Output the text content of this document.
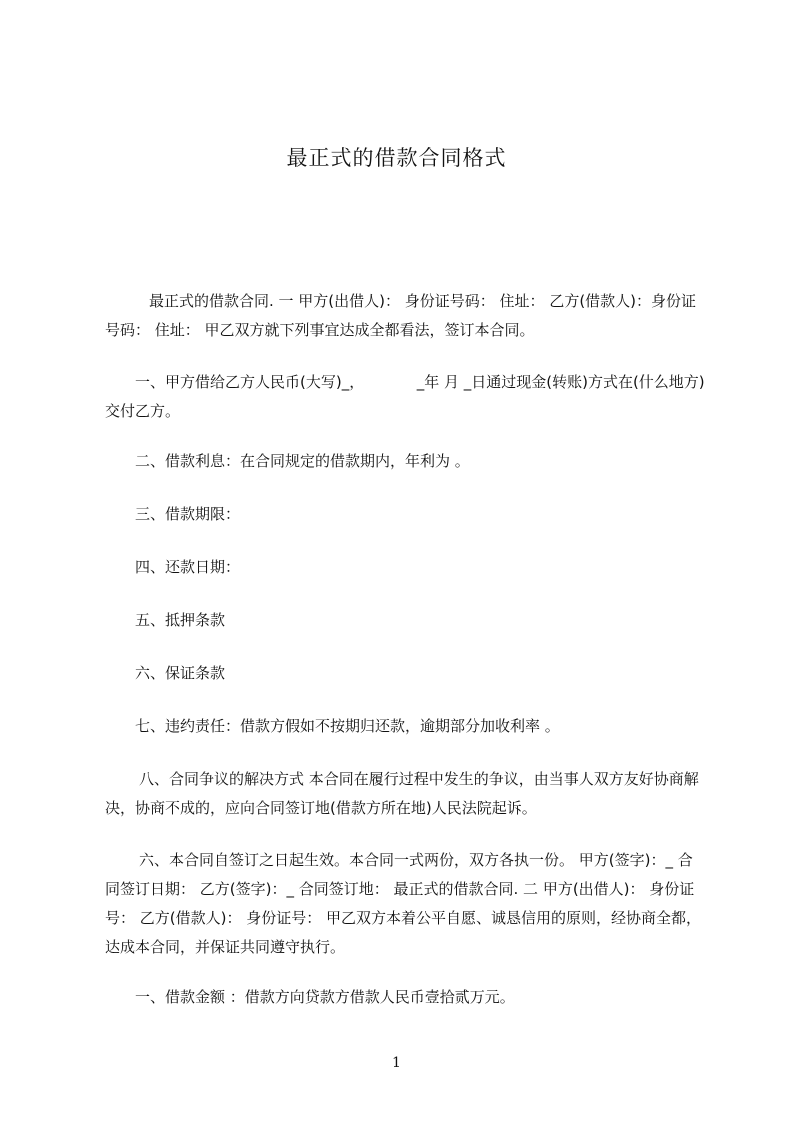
最正式的借款合同格式

最正式的借款合同. 一 甲方(出借人)： 身份证号码： 住址： 乙方(借款人)：身份证号码： 住址： 甲乙双方就下列事宜达成全都看法，签订本合同。

一、甲方借给乙方人民币(大写)_，　　　　_年 月 _日通过现金(转账)方式在(什么地方)交付乙方。

二、借款利息：在合同规定的借款期内，年利为 。

三、借款期限：

四、还款日期：

五、抵押条款

六、保证条款

七、违约责任：借款方假如不按期归还款，逾期部分加收利率 。

八、合同争议的解决方式 本合同在履行过程中发生的争议，由当事人双方友好协商解决，协商不成的，应向合同签订地(借款方所在地)人民法院起诉。

六、本合同自签订之日起生效。本合同一式两份，双方各执一份。 甲方(签字)：_ 合同签订日期： 乙方(签字)：_ 合同签订地： 最正式的借款合同. 二 甲方(出借人)： 身份证号： 乙方(借款人)： 身份证号： 甲乙双方本着公平自愿、诚恳信用的原则，经协商全都，达成本合同，并保证共同遵守执行。

一、借款金额 ：借款方向贷款方借款人民币壹拾贰万元。

1
